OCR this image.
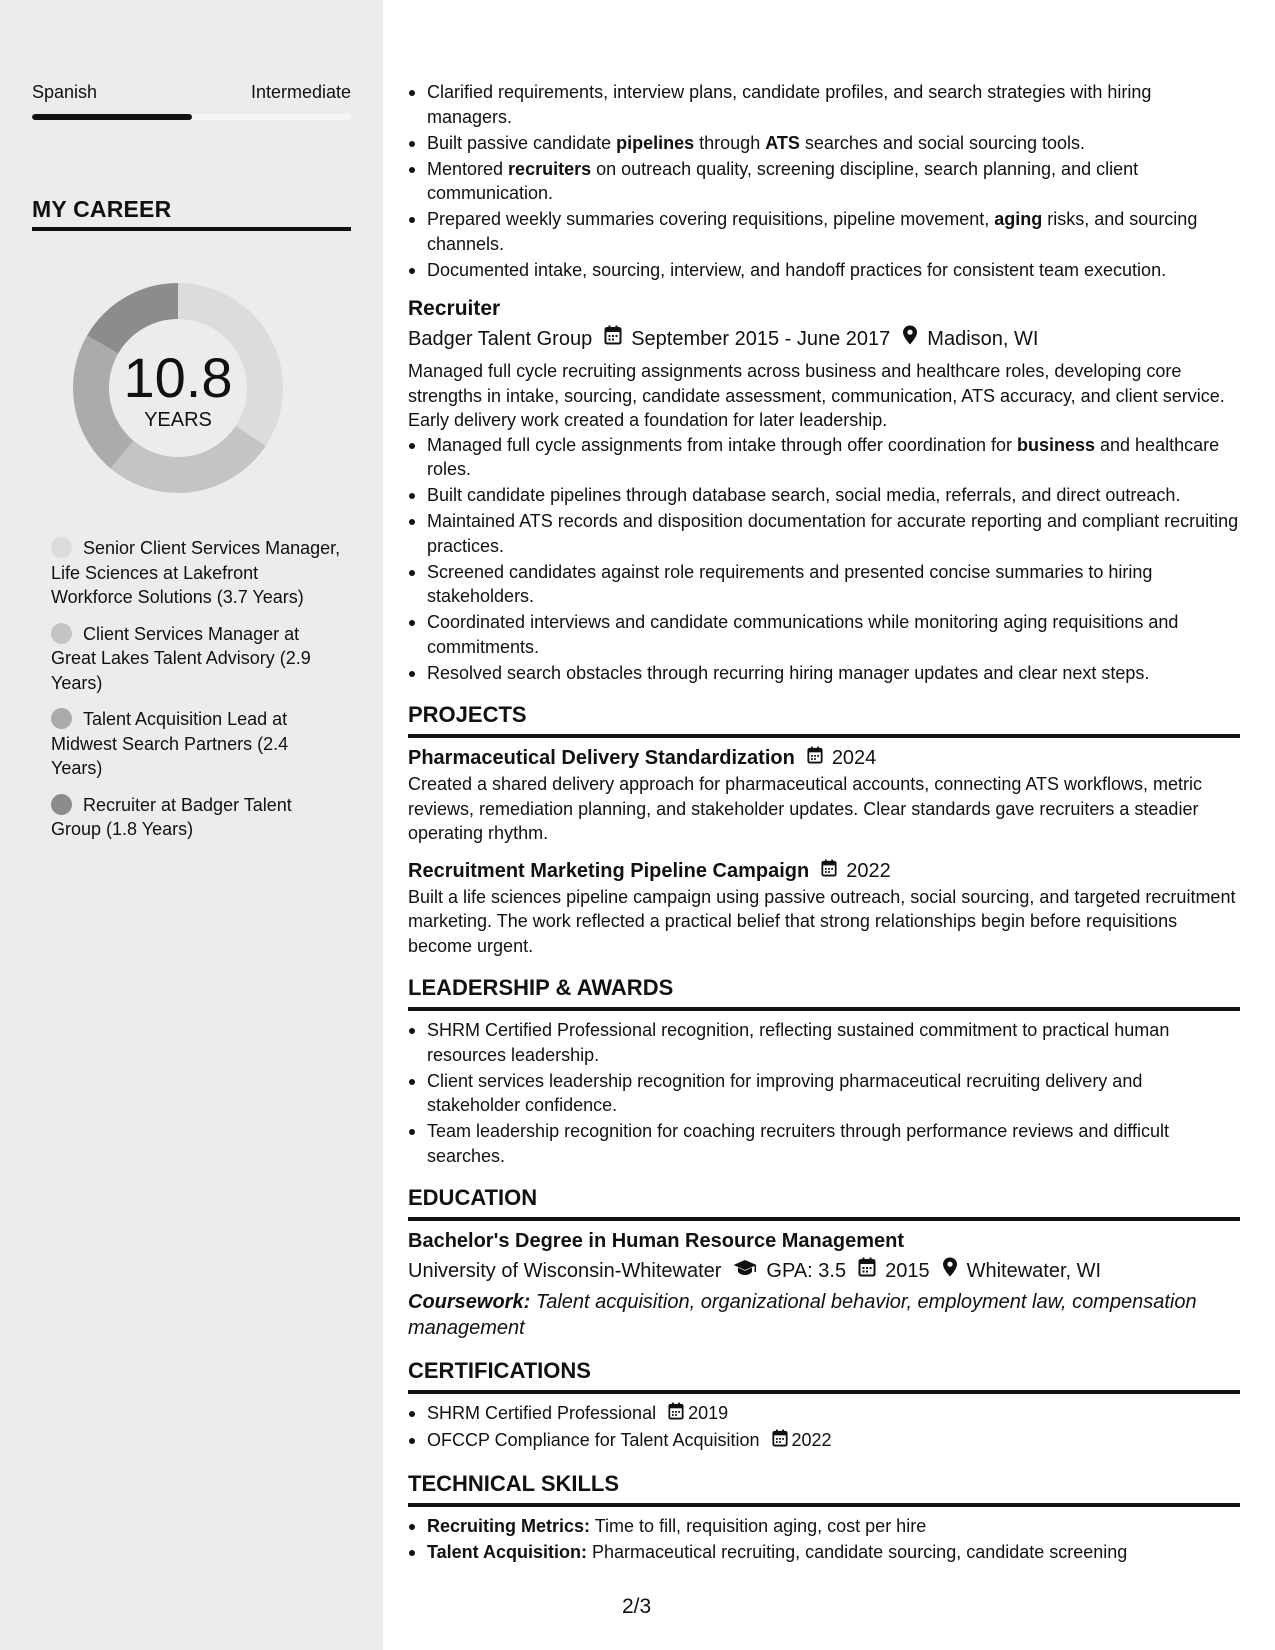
Spanish	Intermediate
MY CAREER
10.8
YEARS
Senior Client Services Manager, Life Sciences at Lakefront Workforce Solutions (3.7 Years)
Client Services Manager at Great Lakes Talent Advisory (2.9 Years)
Talent Acquisition Lead at Midwest Search Partners (2.4 Years)
Recruiter at Badger Talent Group (1.8 Years)
Clarified requirements, interview plans, candidate profiles, and search strategies with hiring managers.
Built passive candidate pipelines through ATS searches and social sourcing tools.
Mentored recruiters on outreach quality, screening discipline, search planning, and client communication.
Prepared weekly summaries covering requisitions, pipeline movement, aging risks, and sourcing channels.
Documented intake, sourcing, interview, and handoff practices for consistent team execution.
Recruiter
Badger Talent Group September 2015 - June 2017 Madison, WI
Managed full cycle recruiting assignments across business and healthcare roles, developing core strengths in intake, sourcing, candidate assessment, communication, ATS accuracy, and client service. Early delivery work created a foundation for later leadership.
Managed full cycle assignments from intake through offer coordination for business and healthcare roles.
Built candidate pipelines through database search, social media, referrals, and direct outreach.
Maintained ATS records and disposition documentation for accurate reporting and compliant recruiting practices.
Screened candidates against role requirements and presented concise summaries to hiring stakeholders.
Coordinated interviews and candidate communications while monitoring aging requisitions and commitments.
Resolved search obstacles through recurring hiring manager updates and clear next steps.
PROJECTS
Pharmaceutical Delivery Standardization 2024
Created a shared delivery approach for pharmaceutical accounts, connecting ATS workflows, metric reviews, remediation planning, and stakeholder updates. Clear standards gave recruiters a steadier operating rhythm.
Recruitment Marketing Pipeline Campaign 2022
Built a life sciences pipeline campaign using passive outreach, social sourcing, and targeted recruitment marketing. The work reflected a practical belief that strong relationships begin before requisitions become urgent.
LEADERSHIP & AWARDS
SHRM Certified Professional recognition, reflecting sustained commitment to practical human resources leadership.
Client services leadership recognition for improving pharmaceutical recruiting delivery and stakeholder confidence.
Team leadership recognition for coaching recruiters through performance reviews and difficult searches.
EDUCATION
Bachelor's Degree in Human Resource Management
University of Wisconsin-Whitewater GPA: 3.5 2015 Whitewater, WI
Coursework: Talent acquisition, organizational behavior, employment law, compensation management
CERTIFICATIONS
SHRM Certified Professional 2019
OFCCP Compliance for Talent Acquisition 2022
TECHNICAL SKILLS
Recruiting Metrics: Time to fill, requisition aging, cost per hire
Talent Acquisition: Pharmaceutical recruiting, candidate sourcing, candidate screening
2/3
